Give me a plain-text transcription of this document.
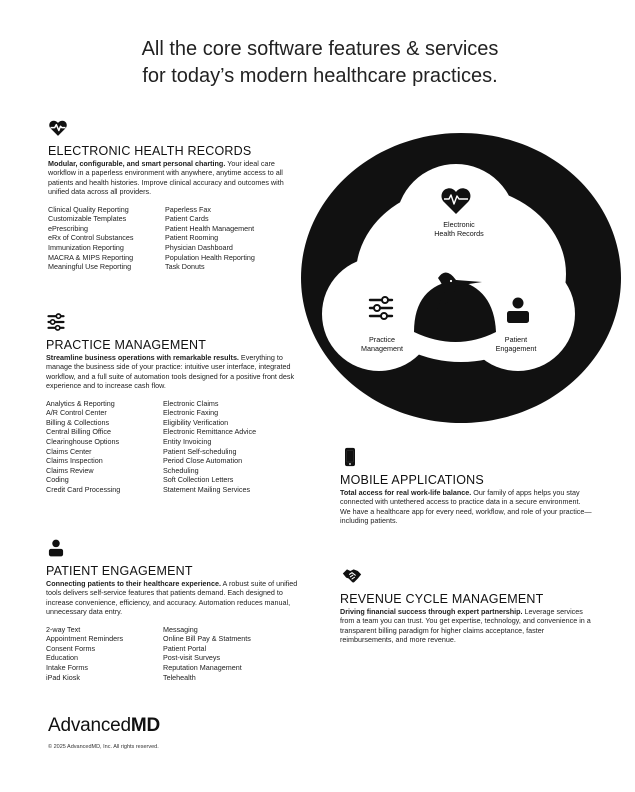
All the core software features & services
for today’s modern healthcare practices.
ELECTRONIC HEALTH RECORDS
Modular, configurable, and smart personal charting. Your ideal care workflow in a paperless environment with anywhere, anytime access to all patients and health histories. Improve clinical accuracy and outcomes with unified data across all providers.
Clinical Quality Reporting
Customizable Templates
ePrescribing
eRx of Control Substances
Immunization Reporting
MACRA & MIPS Reporting
Meaningful Use Reporting
Paperless Fax
Patient Cards
Patient Health Management
Patient Rooming
Physician Dashboard
Population Health Reporting
Task Donuts
PRACTICE MANAGEMENT
Streamline business operations with remarkable results. Everything to manage the business side of your practice: intuitive user interface, integrated workflow, and a full suite of automation tools designed for a positive front desk experience and to increase cash flow.
Analytics & Reporting
A/R Control Center
Billing & Collections
Central Billing Office
Clearinghouse Options
Claims Center
Claims Inspection
Claims Review
Coding
Credit Card Processing
Electronic Claims
Electronic Faxing
Eligibility Verification
Electronic Remittance Advice
Entity Invoicing
Patient Self-scheduling
Period Close Automation
Scheduling
Soft Collection Letters
Statement Mailing Services
PATIENT ENGAGEMENT
Connecting patients to their healthcare experience. A robust suite of unified tools delivers self-service features that patients demand. Each designed to increase convenience, efficiency, and accuracy. Automation reduces manual, unnecessary data entry.
2-way Text
Appointment Reminders
Consent Forms
Education
Intake Forms
iPad Kiosk
Messaging
Online Bill Pay & Statments
Patient Portal
Post-visit Surveys
Reputation Management
Telehealth
MOBILE APPLICATIONS
Total access for real work-life balance. Our family of apps helps you stay connected with untethered access to practice data in a secure environment. We have a healthcare app for every need, workflow, and role of your practice—including patients.
REVENUE CYCLE MANAGEMENT
Driving financial success through expert partnership. Leverage services from a team you can trust. You get expertise, technology, and convenience in a transparent billing paradigm for higher claims acceptance, faster reimbursements, and more revenue.
Electronic
Health Records
Practice
Management
Patient
Engagement
AdvancedMD
© 2025 AdvancedMD, Inc. All rights reserved.
